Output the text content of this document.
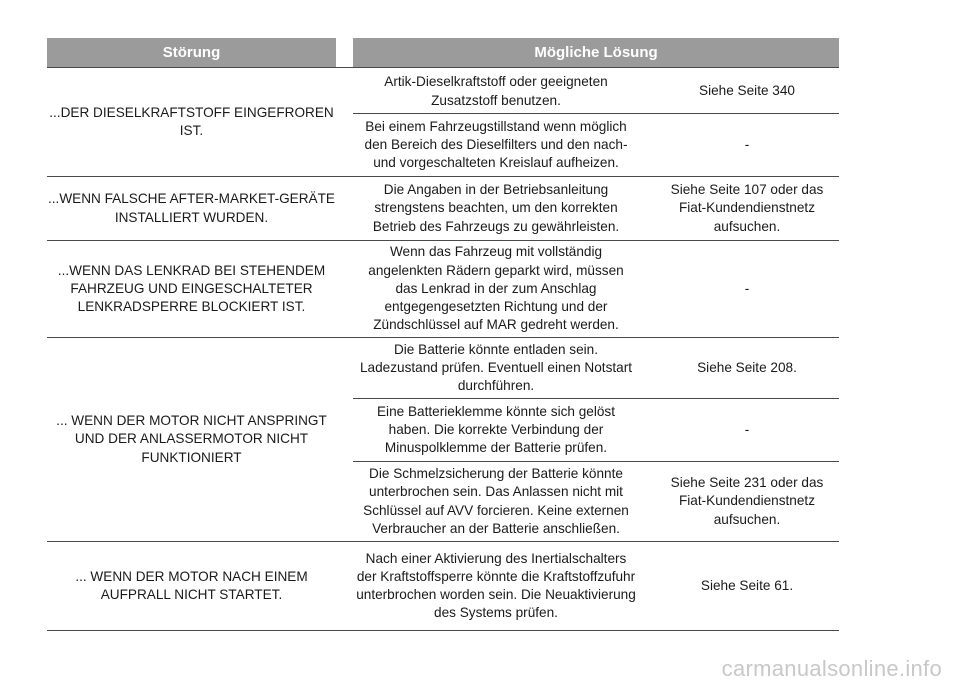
Störung	Mögliche Lösung
...DER DIESELKRAFTSTOFF EINGEFROREN
IST.
Artik-Dieselkraftstoff oder geeigneten
Zusatzstoff benutzen.
Siehe Seite 340
Bei einem Fahrzeugstillstand wenn möglich
den Bereich des Dieselfilters und den nach-
und vorgeschalteten Kreislauf aufheizen.
-
...WENN FALSCHE AFTER-MARKET-GERÄTE
INSTALLIERT WURDEN.
Die Angaben in der Betriebsanleitung
strengstens beachten, um den korrekten
Betrieb des Fahrzeugs zu gewährleisten.
Siehe Seite 107 oder das
Fiat-Kundendienstnetz
aufsuchen.
...WENN DAS LENKRAD BEI STEHENDEM
FAHRZEUG UND EINGESCHALTETER
LENKRADSPERRE BLOCKIERT IST.
Wenn das Fahrzeug mit vollständig
angelenkten Rädern geparkt wird, müssen
das Lenkrad in der zum Anschlag
entgegengesetzten Richtung und der
Zündschlüssel auf MAR gedreht werden.
-
... WENN DER MOTOR NICHT ANSPRINGT
UND DER ANLASSERMOTOR NICHT
FUNKTIONIERT
Die Batterie könnte entladen sein.
Ladezustand prüfen. Eventuell einen Notstart
durchführen.
Siehe Seite 208.
Eine Batterieklemme könnte sich gelöst
haben. Die korrekte Verbindung der
Minuspolklemme der Batterie prüfen.
-
Die Schmelzsicherung der Batterie könnte
unterbrochen sein. Das Anlassen nicht mit
Schlüssel auf AVV forcieren. Keine externen
Verbraucher an der Batterie anschließen.
Siehe Seite 231 oder das
Fiat-Kundendienstnetz
aufsuchen.
... WENN DER MOTOR NACH EINEM
AUFPRALL NICHT STARTET.
Nach einer Aktivierung des Inertialschalters
der Kraftstoffsperre könnte die Kraftstoffzufuhr
unterbrochen worden sein. Die Neuaktivierung
des Systems prüfen.
Siehe Seite 61.
carmanualsonline.info
